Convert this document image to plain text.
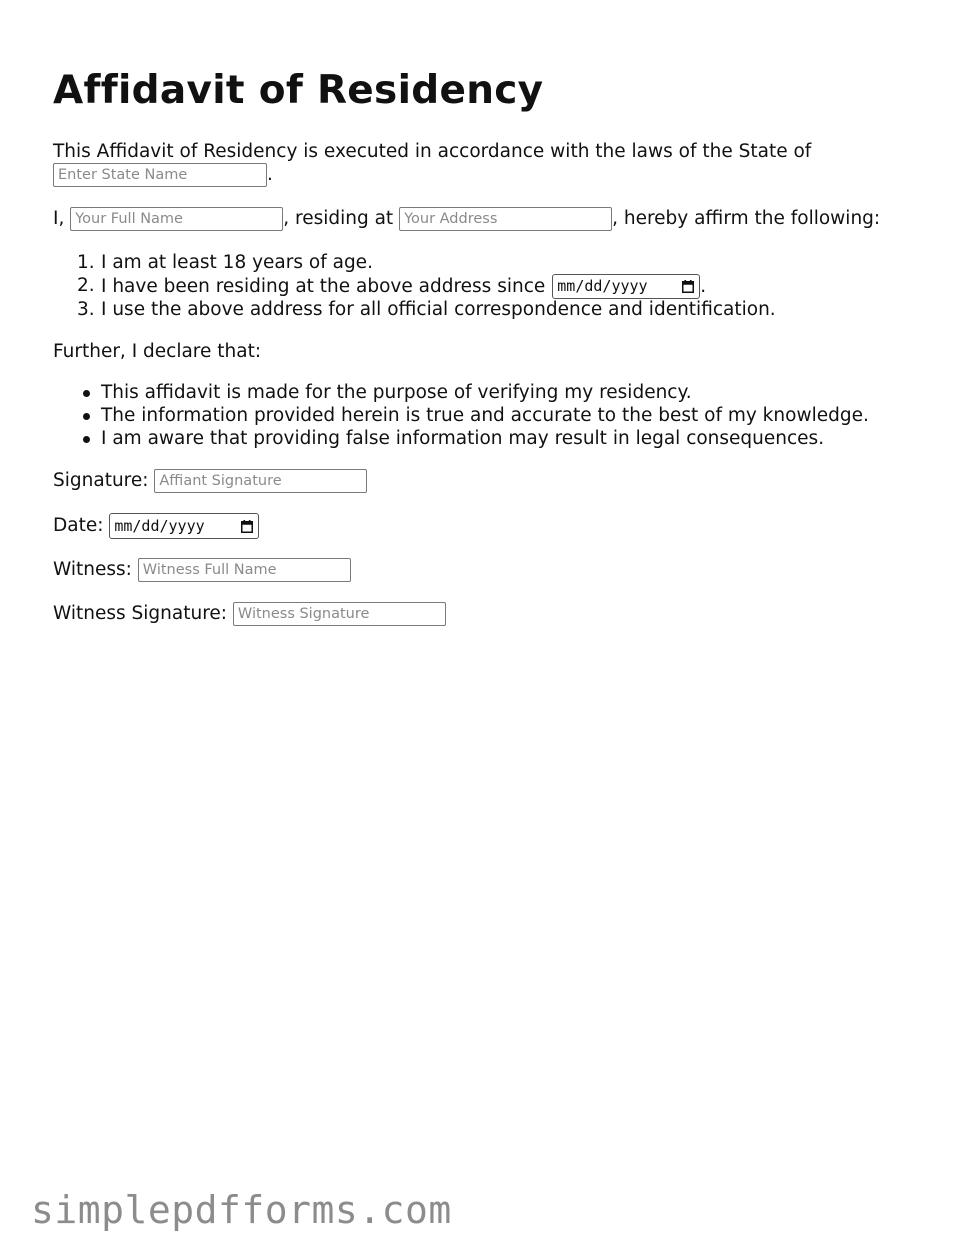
Affidavit of Residency
This Affidavit of Residency is executed in accordance with the laws of the State of
Enter State Name	.
I, Your Full Name	, residing at Your Address	, hereby affirm the following:
1. I am at least 18 years of age.
2. I have been residing at the above address since mm/dd/yyyy	.
3. I use the above address for all official correspondence and identification.
Further, I declare that:
This affidavit is made for the purpose of verifying my residency.
The information provided herein is true and accurate to the best of my knowledge.
I am aware that providing false information may result in legal consequences.
Signature: Affiant Signature
Date: mm/dd/yyyy
Witness: Witness Full Name
Witness Signature: Witness Signature
simplepdfforms.com
